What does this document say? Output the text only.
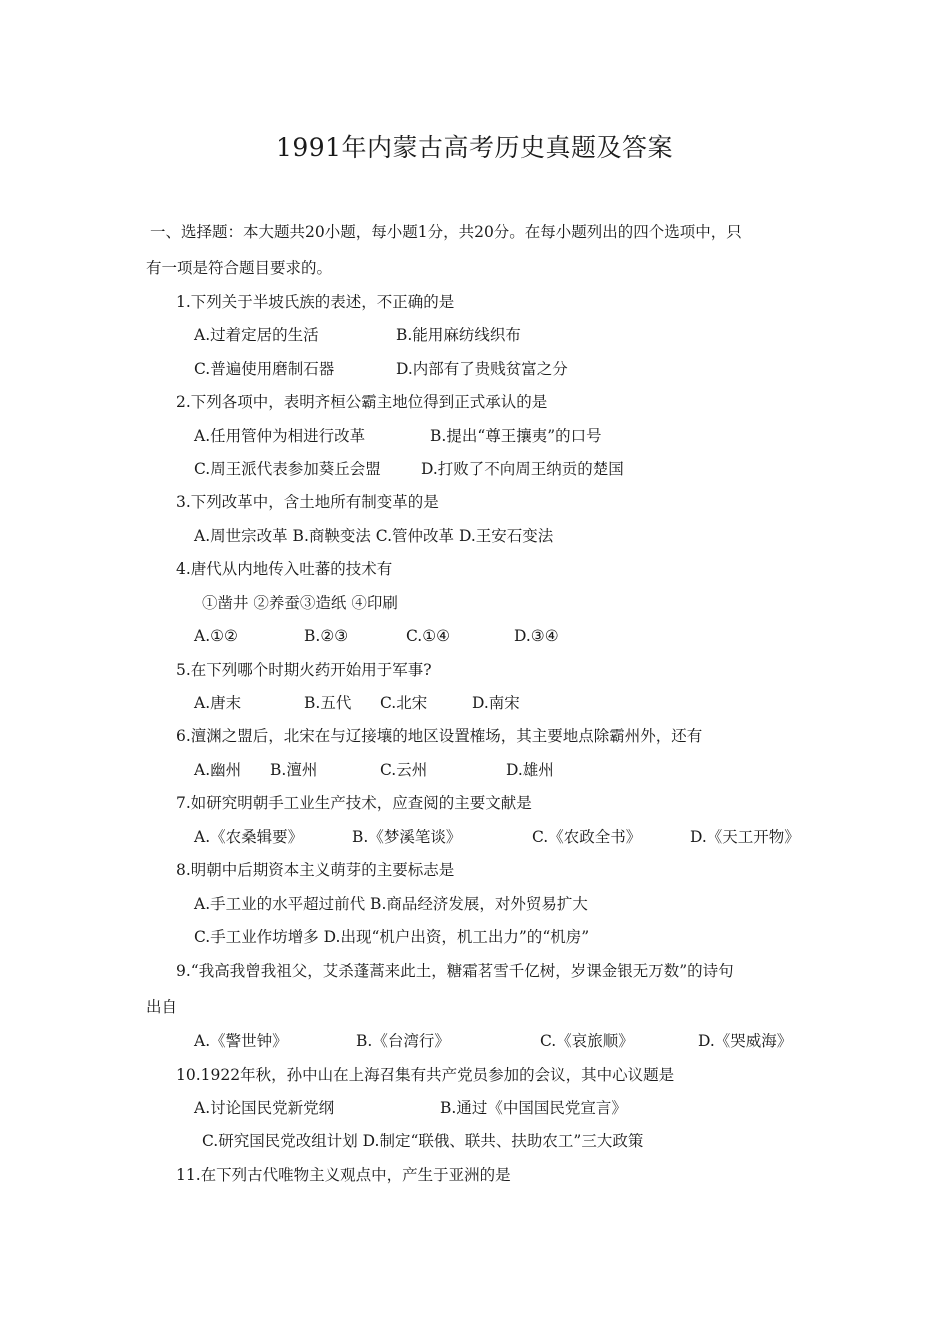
1991年内蒙古高考历史真题及答案
一、选择题：本大题共20小题，每小题1分，共20分。在每小题列出的四个选项中，只
有一项是符合题目要求的。
1.下列关于半坡氏族的表述，不正确的是
A.过着定居的生活	B.能用麻纺线织布
C.普遍使用磨制石器	D.内部有了贵贱贫富之分
2.下列各项中，表明齐桓公霸主地位得到正式承认的是
A.任用管仲为相进行改革	B.提出“尊王攘夷”的口号
C.周王派代表参加葵丘会盟	D.打败了不向周王纳贡的楚国
3.下列改革中，含土地所有制变革的是
A.周世宗改革 B.商鞅变法 C.管仲改革 D.王安石变法
4.唐代从内地传入吐蕃的技术有
①凿井 ②养蚕③造纸 ④印刷
A.①②	B.②③	C.①④	D.③④
5.在下列哪个时期火药开始用于军事?
A.唐末	B.五代 C.北宋	D.南宋
6.澶渊之盟后，北宋在与辽接壤的地区设置榷场，其主要地点除霸州外，还有
A.幽州 B.澶州	C.云州	D.雄州
7.如研究明朝手工业生产技术，应查阅的主要文献是
A.《农桑辑要》	B.《梦溪笔谈》	C.《农政全书》	D.《天工开物》
8.明朝中后期资本主义萌芽的主要标志是
A.手工业的水平超过前代 B.商品经济发展，对外贸易扩大
C.手工业作坊增多 D.出现“机户出资，机工出力”的“机房”
9.“我高我曾我祖父，艾杀蓬蒿来此土，糖霜茗雪千亿树，岁课金银无万数”的诗句
出自
A.《警世钟》	B.《台湾行》	C.《哀旅顺》	D.《哭威海》
10.1922年秋，孙中山在上海召集有共产党员参加的会议，其中心议题是
A.讨论国民党新党纲	B.通过《中国国民党宣言》
C.研究国民党改组计划 D.制定“联俄、联共、扶助农工”三大政策
11.在下列古代唯物主义观点中，产生于亚洲的是
